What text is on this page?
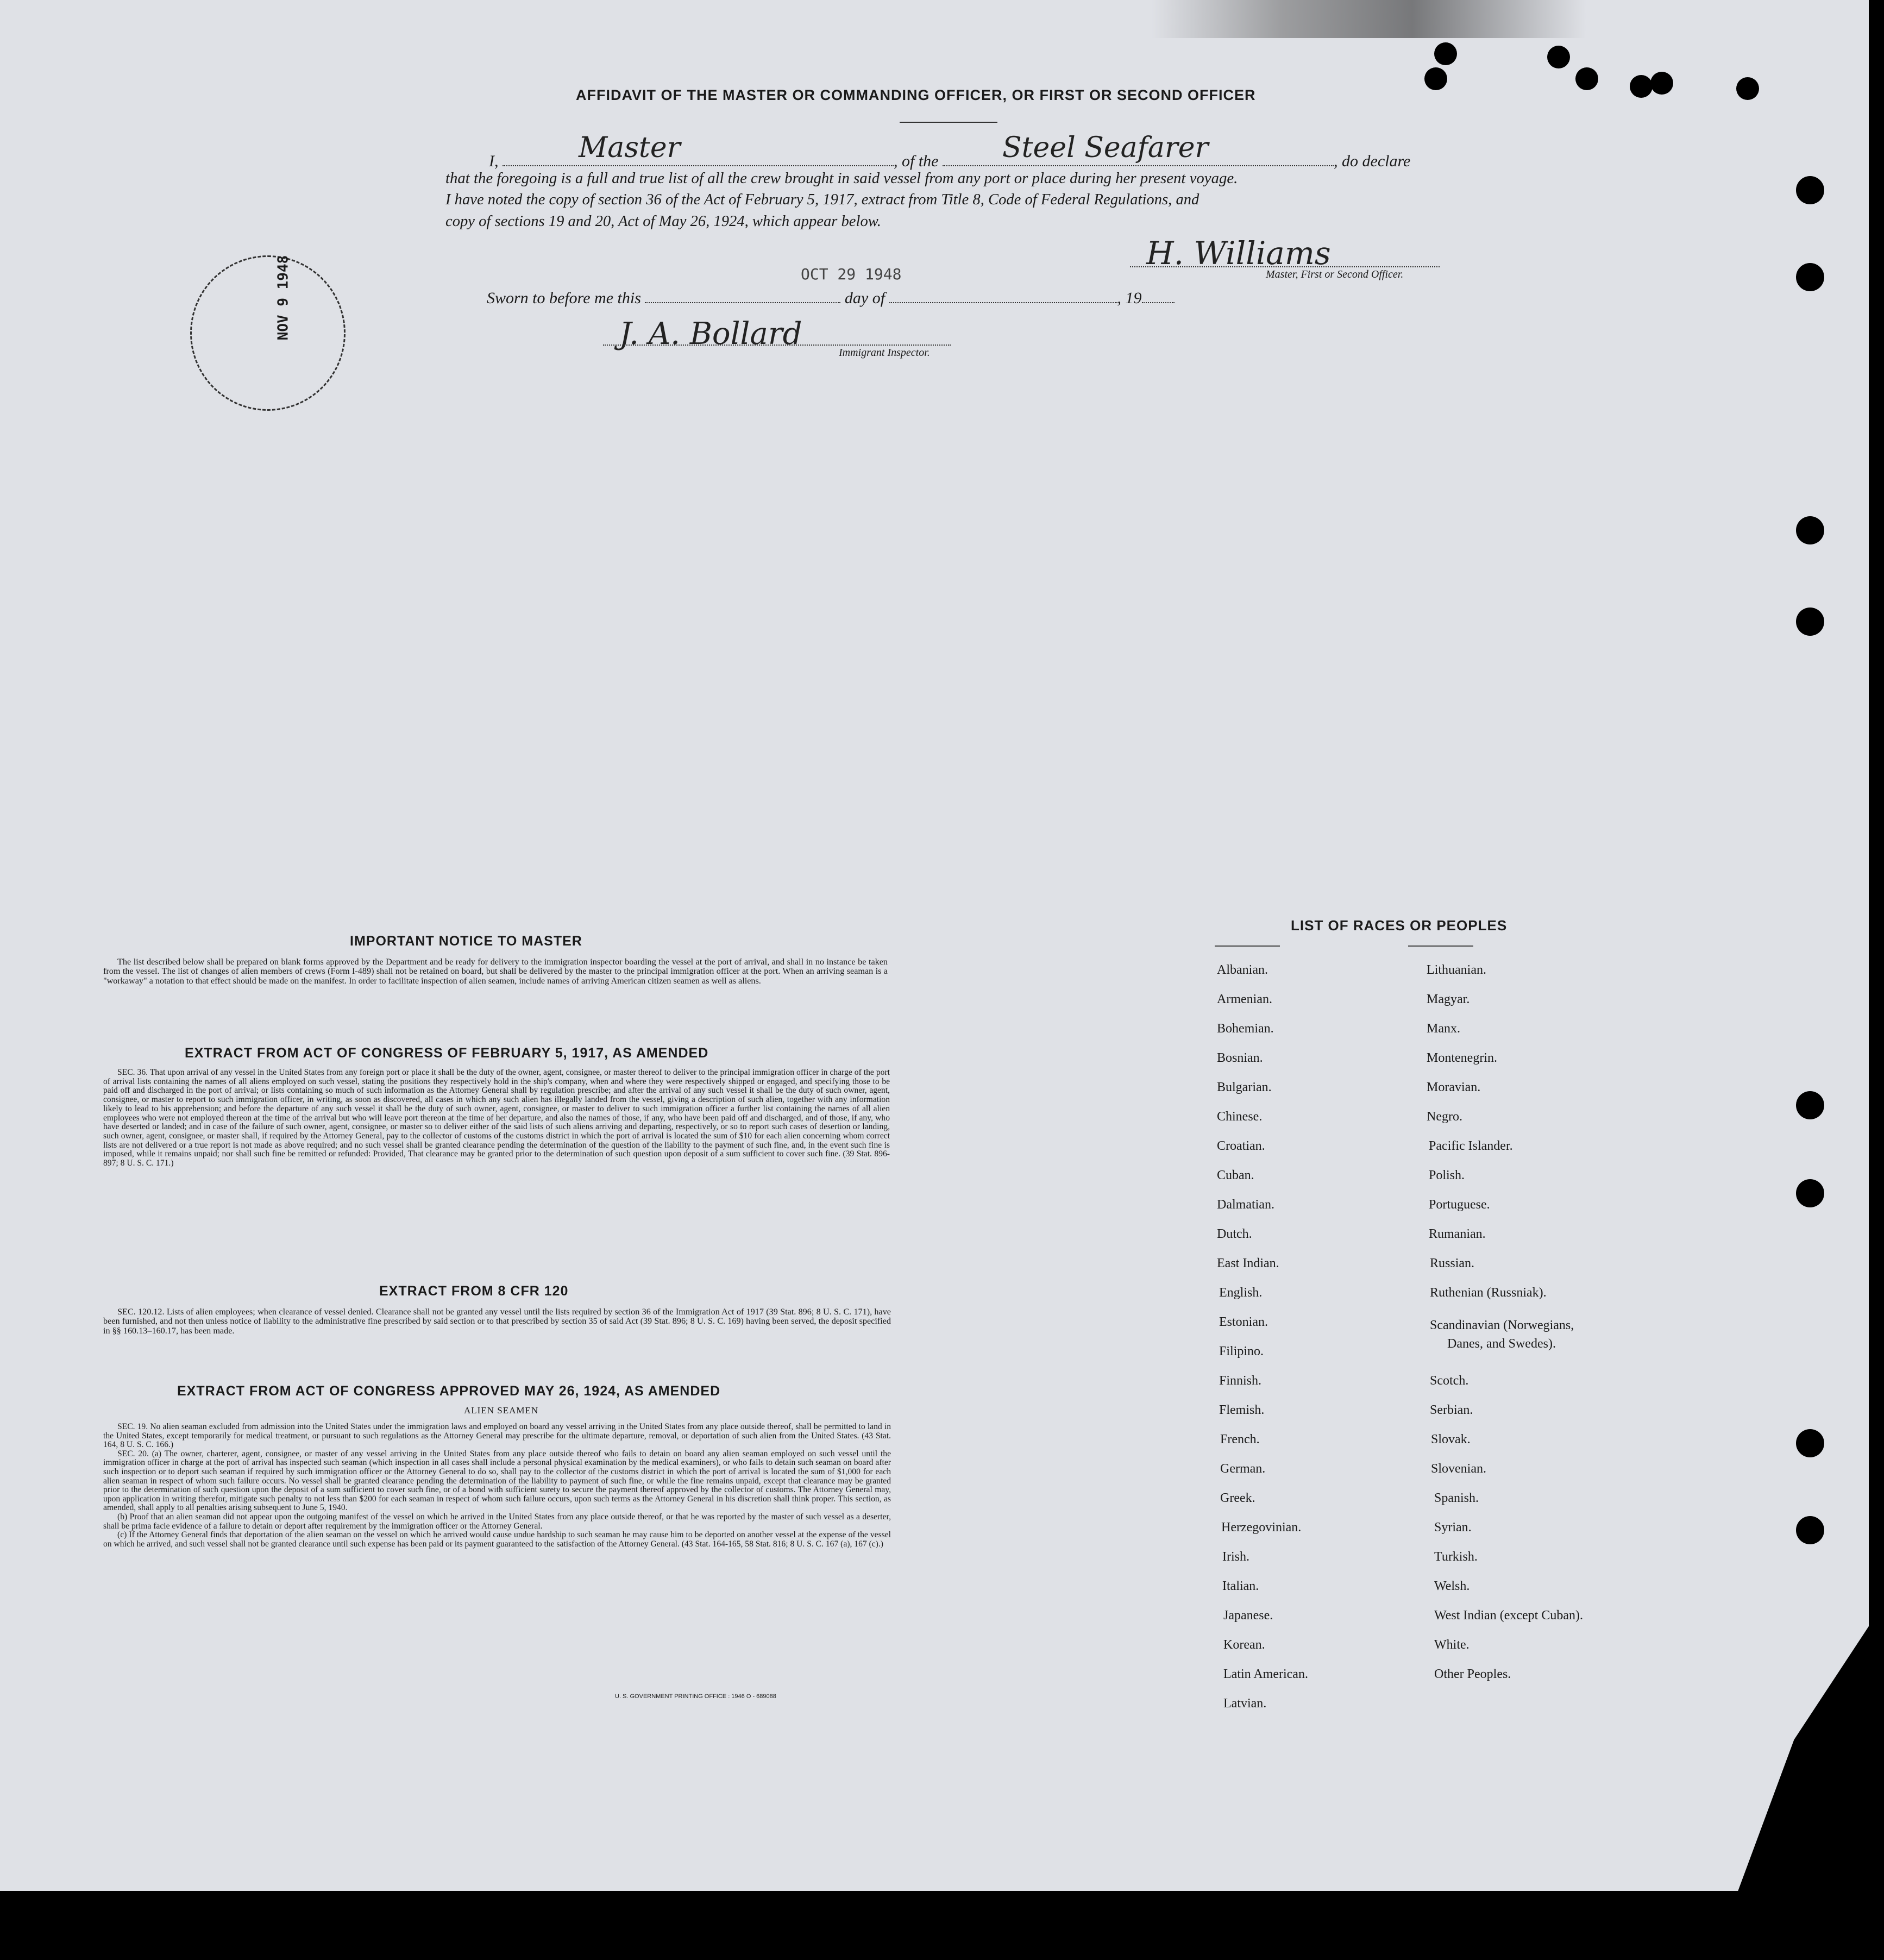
AFFIDAVIT OF THE MASTER OR COMMANDING OFFICER, OR FIRST OR SECOND OFFICER
I,	Master	, of the Steel Seafarer	, do declare
that the foregoing is a full and true list of all the crew brought in said vessel from any port or place during her present voyage.
I have noted the copy of section 36 of the Act of February 5, 1917, extract from Title 8, Code of Federal Regulations, and
copy of sections 19 and 20, Act of May 26, 1924, which appear below.
H. Williams
Master, First or Second Officer.
OCT 29 1948
Sworn to before me this	day of	, 19
J. A. Bollard
Immigrant Inspector.
NOV 9 1948
IMPORTANT NOTICE TO MASTER

The list described below shall be prepared on blank forms approved by the Department and be ready for delivery to the immigration inspector boarding the vessel at the port of arrival, and shall in no instance be taken from the vessel. The list of changes of alien members of crews (Form I-489) shall not be retained on board, but shall be delivered by the master to the principal immigration officer at the port. When an arriving seaman is a "workaway" a notation to that effect should be made on the manifest. In order to facilitate inspection of alien seamen, include names of arriving American citizen seamen as well as aliens.

EXTRACT FROM ACT OF CONGRESS OF FEBRUARY 5, 1917, AS AMENDED

SEC. 36. That upon arrival of any vessel in the United States from any foreign port or place it shall be the duty of the owner, agent, consignee, or master thereof to deliver to the principal immigration officer in charge of the port of arrival lists containing the names of all aliens employed on such vessel, stating the positions they respectively hold in the ship's company, when and where they were respectively shipped or engaged, and specifying those to be paid off and discharged in the port of arrival; or lists containing so much of such information as the Attorney General shall by regulation prescribe; and after the arrival of any such vessel it shall be the duty of such owner, agent, consignee, or master to report to such immigration officer, in writing, as soon as discovered, all cases in which any such alien has illegally landed from the vessel, giving a description of such alien, together with any information likely to lead to his apprehension; and before the departure of any such vessel it shall be the duty of such owner, agent, consignee, or master to deliver to such immigration officer a further list containing the names of all alien employees who were not employed thereon at the time of the arrival but who will leave port thereon at the time of her departure, and also the names of those, if any, who have been paid off and discharged, and of those, if any, who have deserted or landed; and in case of the failure of such owner, agent, consignee, or master so to deliver either of the said lists of such aliens arriving and departing, respectively, or so to report such cases of desertion or landing, such owner, agent, consignee, or master shall, if required by the Attorney General, pay to the collector of customs of the customs district in which the port of arrival is located the sum of $10 for each alien concerning whom correct lists are not delivered or a true report is not made as above required; and no such vessel shall be granted clearance pending the determination of the question of the liability to the payment of such fine, and, in the event such fine is imposed, while it remains unpaid; nor shall such fine be remitted or refunded: Provided, That clearance may be granted prior to the determination of such question upon deposit of a sum sufficient to cover such fine. (39 Stat. 896-897; 8 U. S. C. 171.)

EXTRACT FROM 8 CFR 120

SEC. 120.12. Lists of alien employees; when clearance of vessel denied. Clearance shall not be granted any vessel until the lists required by section 36 of the Immigration Act of 1917 (39 Stat. 896; 8 U. S. C. 171), have been furnished, and not then unless notice of liability to the administrative fine prescribed by said section or to that prescribed by section 35 of said Act (39 Stat. 896; 8 U. S. C. 169) having been served, the deposit specified in §§ 160.13–160.17, has been made.

EXTRACT FROM ACT OF CONGRESS APPROVED MAY 26, 1924, AS AMENDED
ALIEN SEAMEN

SEC. 19. No alien seaman excluded from admission into the United States under the immigration laws and employed on board any vessel arriving in the United States from any place outside thereof, shall be permitted to land in the United States, except temporarily for medical treatment, or pursuant to such regulations as the Attorney General may prescribe for the ultimate departure, removal, or deportation of such alien from the United States. (43 Stat. 164, 8 U. S. C. 166.)

SEC. 20. (a) The owner, charterer, agent, consignee, or master of any vessel arriving in the United States from any place outside thereof who fails to detain on board any alien seaman employed on such vessel until the immigration officer in charge at the port of arrival has inspected such seaman (which inspection in all cases shall include a personal physical examination by the medical examiners), or who fails to detain such seaman on board after such inspection or to deport such seaman if required by such immigration officer or the Attorney General to do so, shall pay to the collector of the customs district in which the port of arrival is located the sum of $1,000 for each alien seaman in respect of whom such failure occurs. No vessel shall be granted clearance pending the determination of the liability to payment of such fine, or while the fine remains unpaid, except that clearance may be granted prior to the determination of such question upon the deposit of a sum sufficient to cover such fine, or of a bond with sufficient surety to secure the payment thereof approved by the collector of customs. The Attorney General may, upon application in writing therefor, mitigate such penalty to not less than $200 for each seaman in respect of whom such failure occurs, upon such terms as the Attorney General in his discretion shall think proper. This section, as amended, shall apply to all penalties arising subsequent to June 5, 1940.

(b) Proof that an alien seaman did not appear upon the outgoing manifest of the vessel on which he arrived in the United States from any place outside thereof, or that he was reported by the master of such vessel as a deserter, shall be prima facie evidence of a failure to detain or deport after requirement by the immigration officer or the Attorney General.

(c) If the Attorney General finds that deportation of the alien seaman on the vessel on which he arrived would cause undue hardship to such seaman he may cause him to be deported on another vessel at the expense of the vessel on which he arrived, and such vessel shall not be granted clearance until such expense has been paid or its payment guaranteed to the satisfaction of the Attorney General. (43 Stat. 164-165, 58 Stat. 816; 8 U. S. C. 167 (a), 167 (c).)

U. S. GOVERNMENT PRINTING OFFICE : 1946 O - 689088
LIST OF RACES OR PEOPLES
Albanian.
Armenian.
Bohemian.
Bosnian.
Bulgarian.
Chinese.
Croatian.
Cuban.
Dalmatian.
Dutch.
East Indian.
English.
Estonian.
Filipino.
Finnish.
Flemish.
French.
German.
Greek.
Herzegovinian.
Irish.
Italian.
Japanese.
Korean.
Latin American.
Latvian.
Lithuanian.
Magyar.
Manx.
Montenegrin.
Moravian.
Negro.
Pacific Islander.
Polish.
Portuguese.
Rumanian.
Russian.
Ruthenian (Russniak).
Scandinavian (Norwegians,
Danes, and Swedes).
Scotch.
Serbian.
Slovak.
Slovenian.
Spanish.
Syrian.
Turkish.
Welsh.
West Indian (except Cuban).
White.
Other Peoples.
